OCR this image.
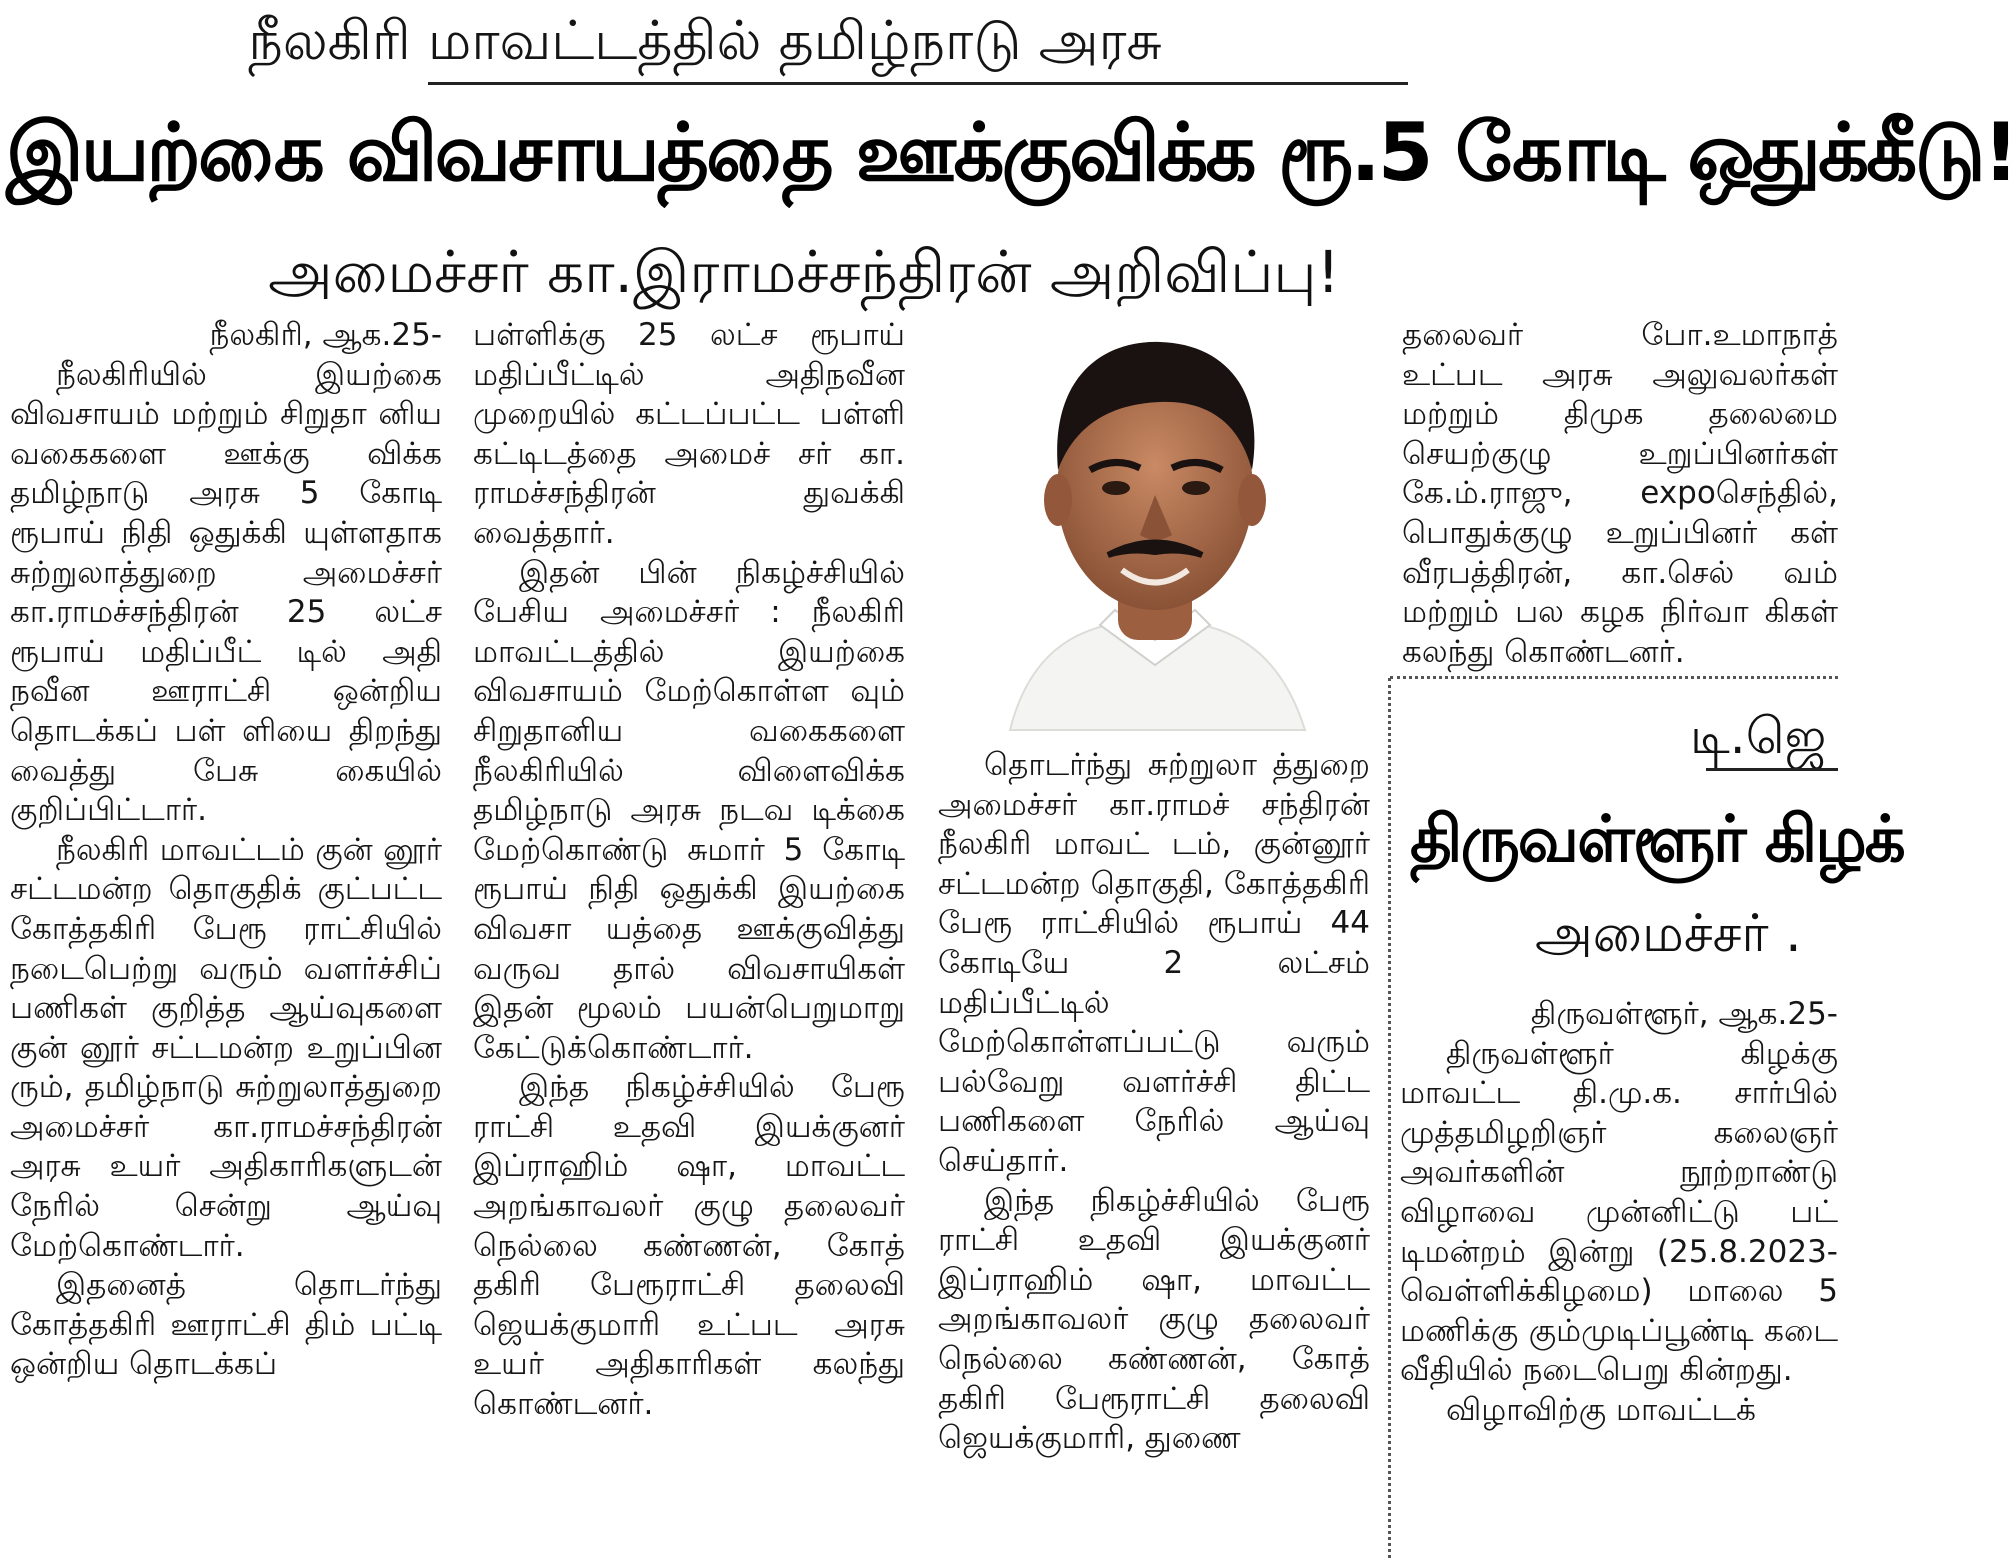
நீலகிரி மாவட்டத்தில் தமிழ்நாடு அரசு
இயற்கை விவசாயத்தை ஊக்குவிக்க ரூ.5 கோடி ஒதுக்கீடு!
அமைச்சர் கா.இராமச்சந்திரன் அறிவிப்பு!

நீலகிரி, ஆக.25-

நீலகிரியில் இயற்கை விவசாயம் மற்றும் சிறுதா னிய வகைகளை ஊக்கு விக்க தமிழ்நாடு அரசு 5 கோடி ரூபாய் நிதி ஒதுக்கி யுள்ளதாக சுற்றுலாத்துறை அமைச்சர் கா.ராமச்சந்திரன் 25 லட்ச ரூபாய் மதிப்பீட் டில் அதி நவீன ஊராட்சி ஒன்றிய தொடக்கப் பள் ளியை திறந்து வைத்து பேசு கையில் குறிப்பிட்டார்.

நீலகிரி மாவட்டம் குன் னூர் சட்டமன்ற தொகுதிக் குட்பட்ட கோத்தகிரி பேரூ ராட்சியில் நடைபெற்று வரும் வளர்ச்சிப் பணிகள் குறித்த ஆய்வுகளை குன் னூர் சட்டமன்ற உறுப்பின ரும், தமிழ்நாடு சுற்றுலாத்துறை அமைச்சர் கா.ராமச்சந்திரன் அரசு உயர் அதிகாரிகளுடன் நேரில் சென்று ஆய்வு மேற்கொண்டார்.

இதனைத் தொடர்ந்து கோத்தகிரி ஊராட்சி திம் பட்டி ஒன்றிய தொடக்கப்

பள்ளிக்கு 25 லட்ச ரூபாய் மதிப்பீட்டில் அதிநவீன முறையில் கட்டப்பட்ட பள்ளி கட்டிடத்தை அமைச் சர் கா. ராமச்சந்திரன் துவக்கி வைத்தார்.

இதன் பின் நிகழ்ச்சியில் பேசிய அமைச்சர் : நீலகிரி மாவட்டத்தில் இயற்கை விவசாயம் மேற்கொள்ள வும் சிறுதானிய வகைகளை நீலகிரியில் விளைவிக்க தமிழ்நாடு அரசு நடவ டிக்கை மேற்கொண்டு சுமார் 5 கோடி ரூபாய் நிதி ஒதுக்கி இயற்கை விவசா யத்தை ஊக்குவித்து வருவ தால் விவசாயிகள் இதன் மூலம் பயன்பெறுமாறு கேட்டுக்கொண்டார்.

இந்த நிகழ்ச்சியில் பேரூ ராட்சி உதவி இயக்குனர் இப்ராஹிம் ஷா, மாவட்ட அறங்காவலர் குழு தலைவர் நெல்லை கண்ணன், கோத் தகிரி பேரூராட்சி தலைவி ஜெயக்குமாரி உட்பட அரசு உயர் அதிகாரிகள் கலந்து கொண்டனர்.

தொடர்ந்து சுற்றுலா த்துறை அமைச்சர் கா.ராமச் சந்திரன் நீலகிரி மாவட் டம், குன்னூர் சட்டமன்ற தொகுதி, கோத்தகிரி பேரூ ராட்சியில் ரூபாய் 44 கோடியே 2 லட்சம் மதிப்பீட்டில் மேற்கொள்ளப்பட்டு வரும் பல்வேறு வளர்ச்சி திட்ட பணிகளை நேரில் ஆய்வு செய்தார்.

இந்த நிகழ்ச்சியில் பேரூ ராட்சி உதவி இயக்குனர் இப்ராஹிம் ஷா, மாவட்ட அறங்காவலர் குழு தலைவர் நெல்லை கண்ணன், கோத் தகிரி பேரூராட்சி தலைவி ஜெயக்குமாரி, துணை

தலைவர் போ.உமாநாத் உட்பட அரசு அலுவலர்கள் மற்றும் திமுக தலைமை செயற்குழு உறுப்பினர்கள் கே.ம்.ராஜு, expoசெந்தில், பொதுக்குழு உறுப்பினர் கள் வீரபத்திரன், கா.செல் வம் மற்றும் பல கழக நிர்வா கிகள் கலந்து கொண்டனர்.

டி.ஜெ
திருவள்ளூர் கிழக்
அமைச்சர் .

திருவள்ளூர், ஆக.25-

திருவள்ளூர் கிழக்கு மாவட்ட தி.மு.க. சார்பில் முத்தமிழறிஞர் கலைஞர் அவர்களின் நூற்றாண்டு விழாவை முன்னிட்டு பட் டிமன்றம் இன்று (25.8.2023-வெள்ளிக்கிழமை) மாலை 5 மணிக்கு கும்முடிப்பூண்டி கடை வீதியில் நடைபெறு கின்றது.

விழாவிற்கு மாவட்டக்
